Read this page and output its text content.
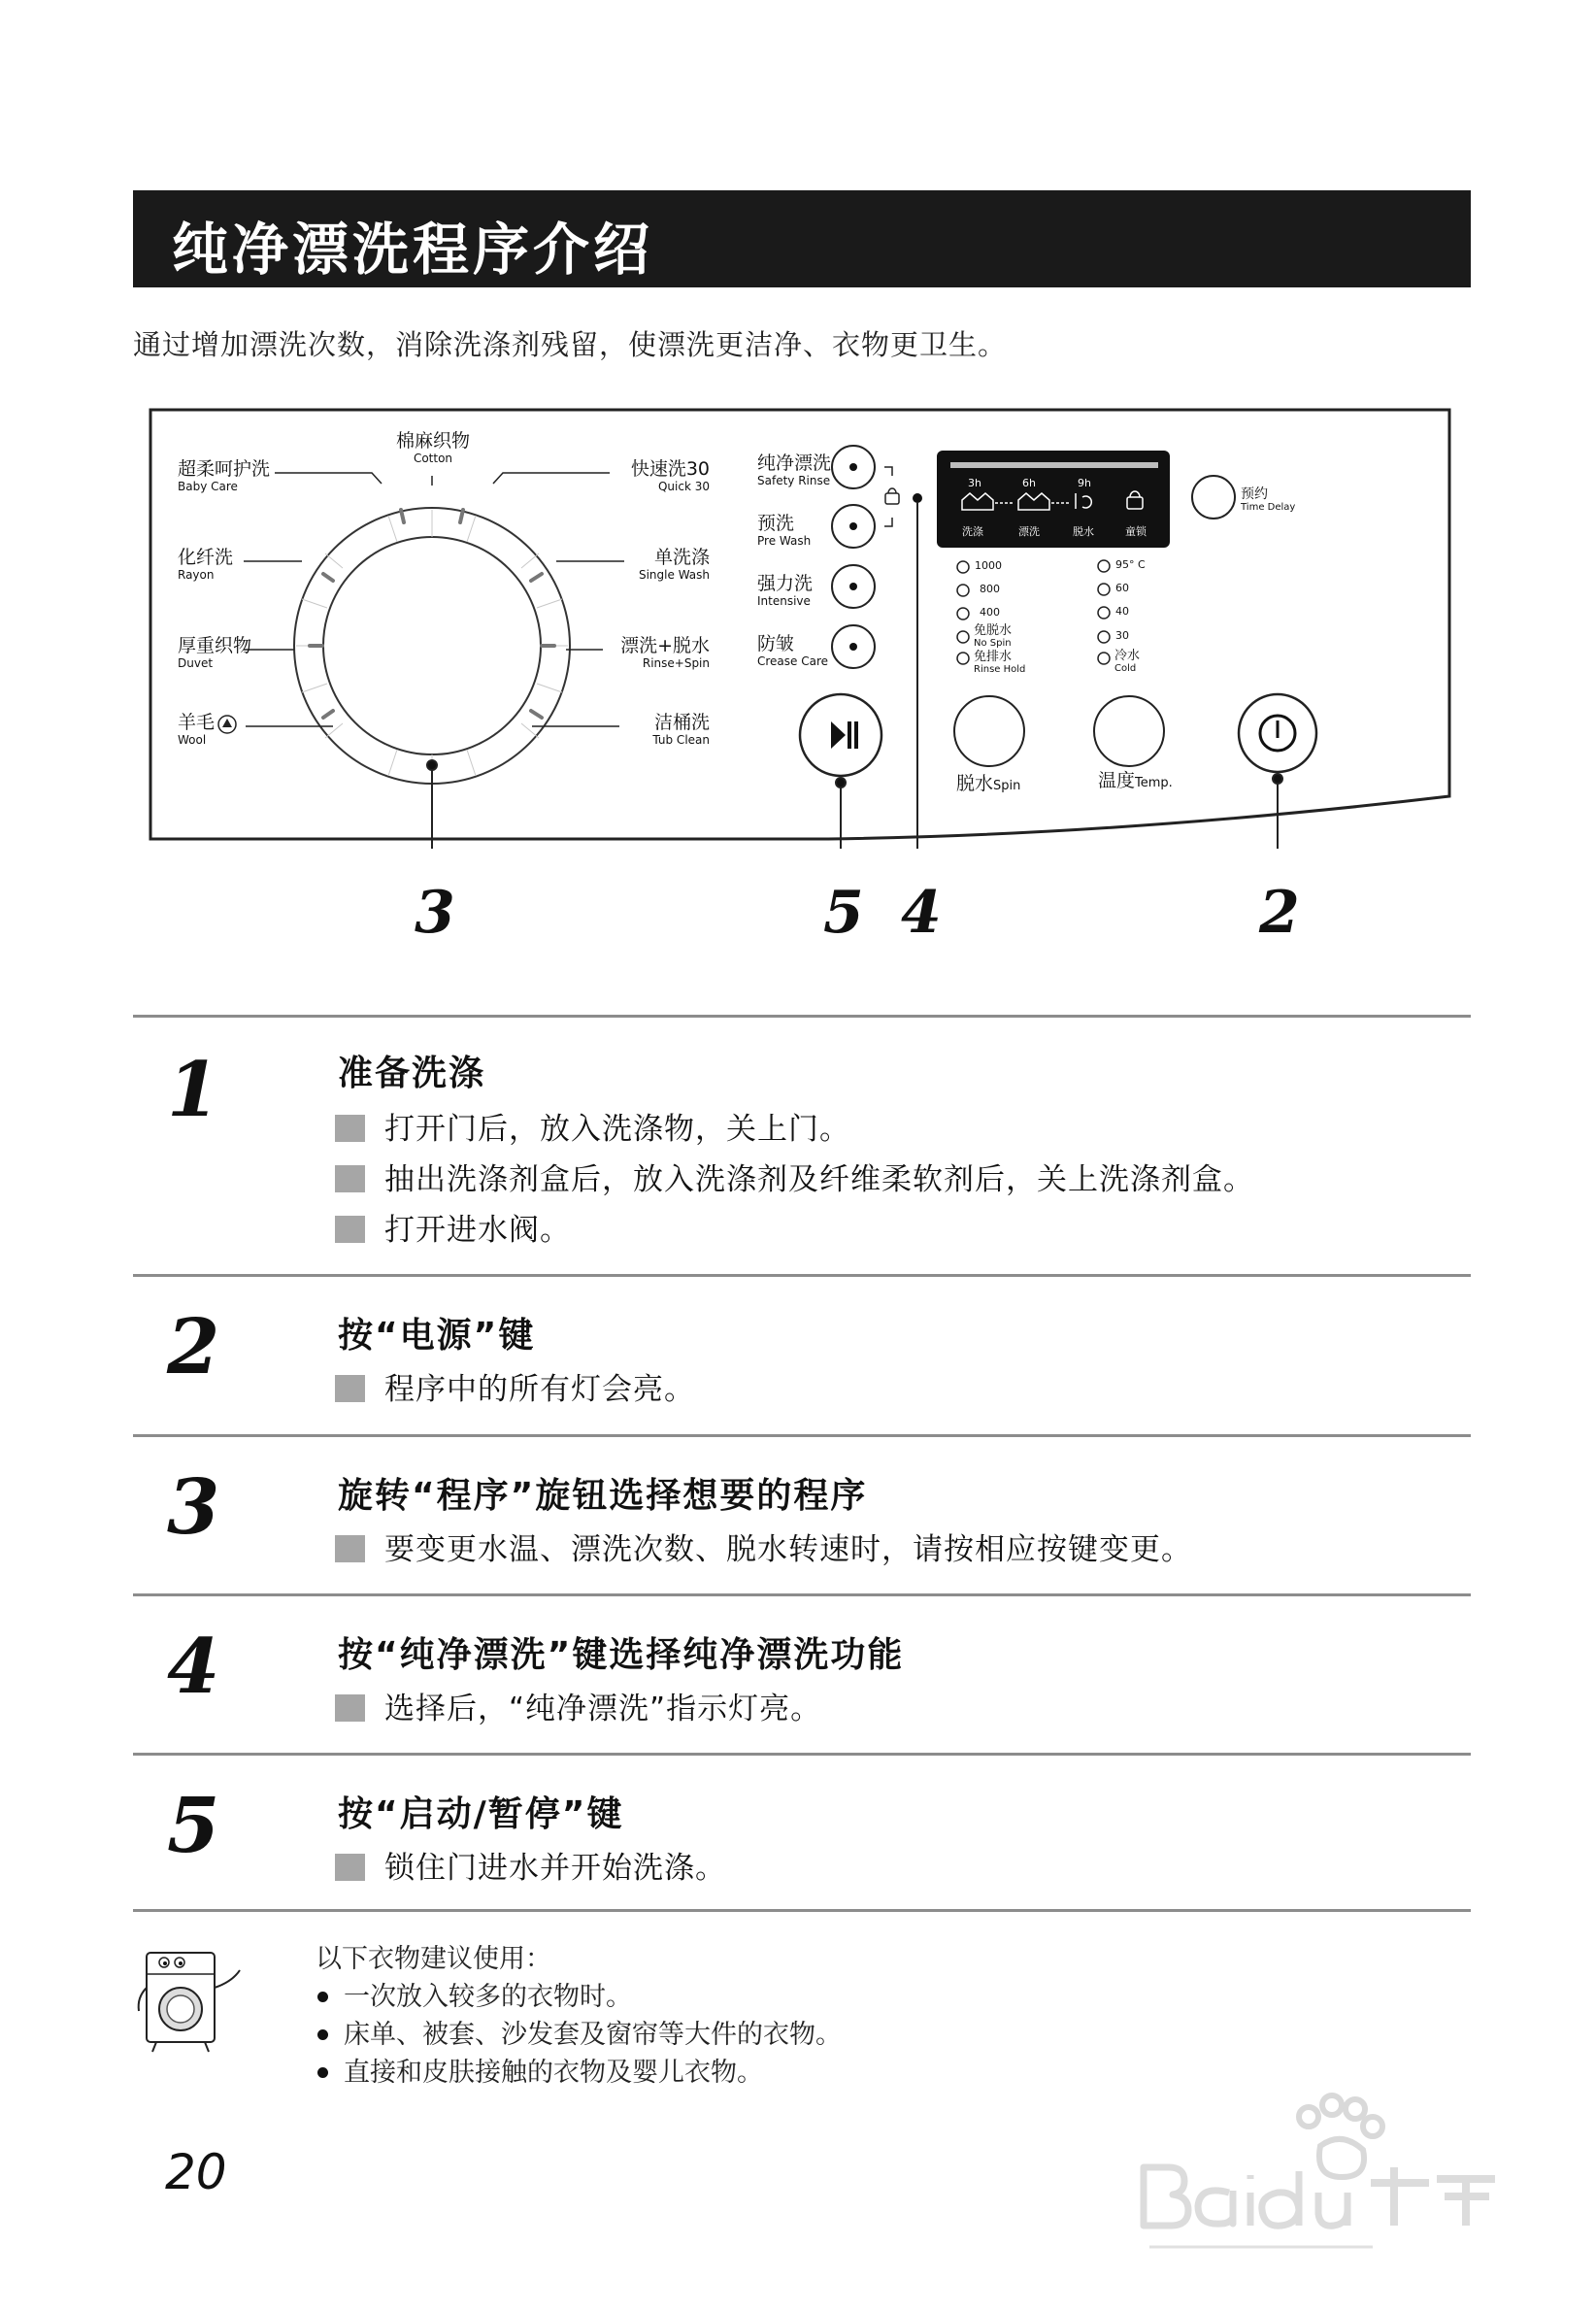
纯净漂洗程序介绍
通过增加漂洗次数，消除洗涤剂残留，使漂洗更洁净、衣物更卫生。
超柔呵护洗
Baby Care
化纤洗
Rayon
厚重织物
Duvet
羊毛
Wool
棉麻织物
Cotton	快速洗30
Quick 30
单洗涤
Single Wash
漂洗+脱水
Rinse+Spin
洁桶洗
Tub Clean
纯净漂洗
Safety Rinse
预洗
Pre Wash
强力洗
Intensive
防皱
Crease Care
3h	6h	9h
洗涤	漂洗	脱水	童锁
预约
Time Delay
1000
800
400
免脱水
No Spin
免排水
Rinse Hold
95° C
60
40
30
冷水
Cold
脱水Spin	温度Temp.
3	5 4	2
1	准备洗涤
打开门后，放入洗涤物，关上门。
抽出洗涤剂盒后，放入洗涤剂及纤维柔软剂后，关上洗涤剂盒。
打开进水阀。
2	按“电源”键
程序中的所有灯会亮。
3	旋转“程序”旋钮选择想要的程序
要变更水温、漂洗次数、脱水转速时，请按相应按键变更。
4	按“纯净漂洗”键选择纯净漂洗功能
选择后，“纯净漂洗”指示灯亮。
5	按“启动/暂停”键
锁住门进水并开始洗涤。
以下衣物建议使用：
一次放入较多的衣物时。
床单、被套、沙发套及窗帘等大件的衣物。
直接和皮肤接触的衣物及婴儿衣物。
20
